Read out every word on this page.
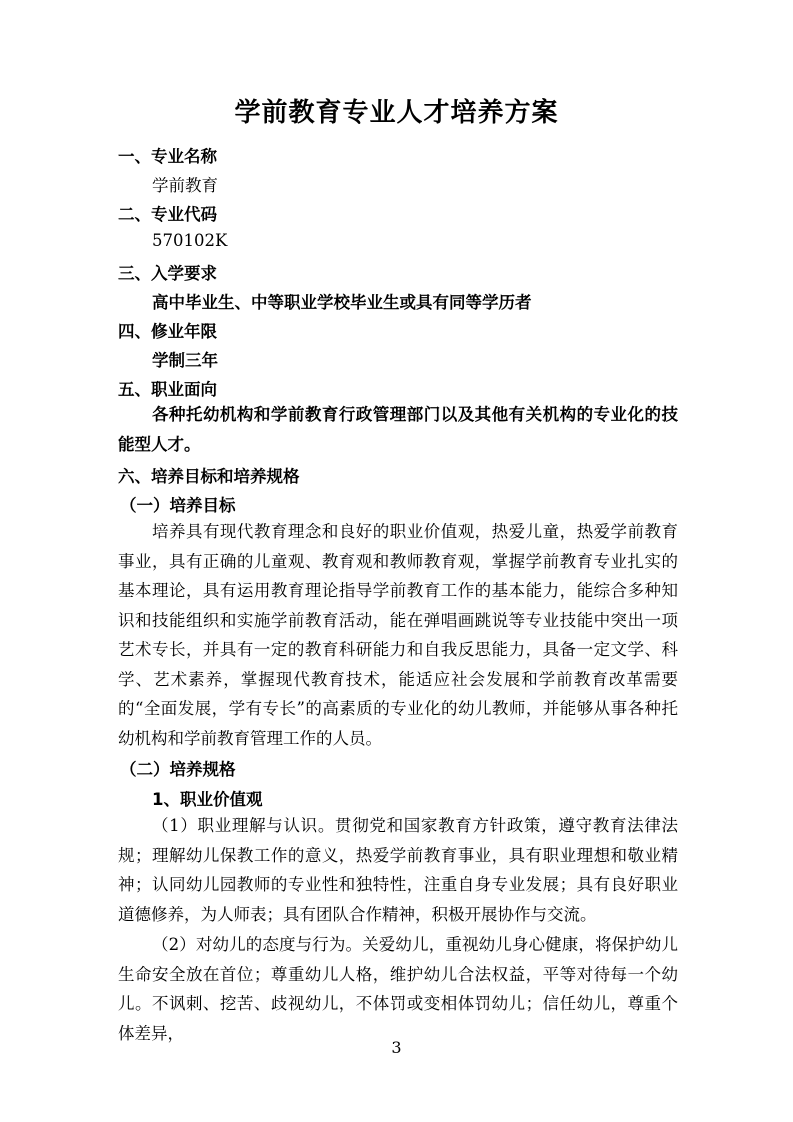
学前教育专业人才培养方案
一、专业名称
学前教育
二、专业代码
570102K
三、入学要求
高中毕业生、中等职业学校毕业生或具有同等学历者
四、修业年限
学制三年
五、职业面向
各种托幼机构和学前教育行政管理部门以及其他有关机构的专业化的技能型人才。
六、培养目标和培养规格
（一）培养目标
培养具有现代教育理念和良好的职业价值观，热爱儿童，热爱学前教育事业，具有正确的儿童观、教育观和教师教育观，掌握学前教育专业扎实的基本理论，具有运用教育理论指导学前教育工作的基本能力，能综合多种知识和技能组织和实施学前教育活动，能在弹唱画跳说等专业技能中突出一项艺术专长，并具有一定的教育科研能力和自我反思能力，具备一定文学、科学、艺术素养，掌握现代教育技术，能适应社会发展和学前教育改革需要的“全面发展，学有专长”的高素质的专业化的幼儿教师，并能够从事各种托幼机构和学前教育管理工作的人员。
（二）培养规格
1、职业价值观
（1）职业理解与认识。贯彻党和国家教育方针政策，遵守教育法律法规；理解幼儿保教工作的意义，热爱学前教育事业，具有职业理想和敬业精神；认同幼儿园教师的专业性和独特性，注重自身专业发展；具有良好职业道德修养，为人师表；具有团队合作精神，积极开展协作与交流。
（2）对幼儿的态度与行为。关爱幼儿，重视幼儿身心健康，将保护幼儿生命安全放在首位；尊重幼儿人格，维护幼儿合法权益，平等对待每一个幼儿。不讽刺、挖苦、歧视幼儿，不体罚或变相体罚幼儿；信任幼儿，尊重个体差异，
3
